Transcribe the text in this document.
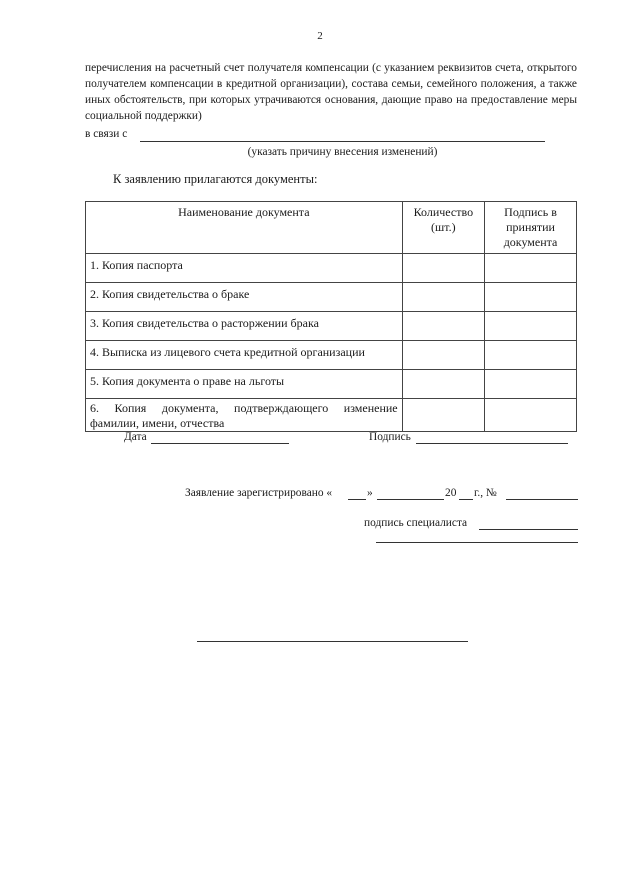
2
перечисления на расчетный счет получателя компенсации (с указанием реквизитов счета, открытого получателем компенсации в кредитной организации), состава семьи, семейного положения, а также иных обстоятельств, при которых утрачиваются основания, дающие право на предоставление меры социальной поддержки)
в связи с
(указать причину внесения изменений)
К заявлению прилагаются документы:
Наименование документа	Количество (шт.)	Подпись в принятии документа
1. Копия паспорта		
2. Копия свидетельства о браке		
3. Копия свидетельства о расторжении брака		
4. Выписка из лицевого счета кредитной организации		
5. Копия документа о праве на льготы		
6. Копия документа, подтверждающего изменение фамилии, имени, отчества		
Дата	Подпись
Заявление зарегистрировано «	»	20 г., №
подпись специалиста
